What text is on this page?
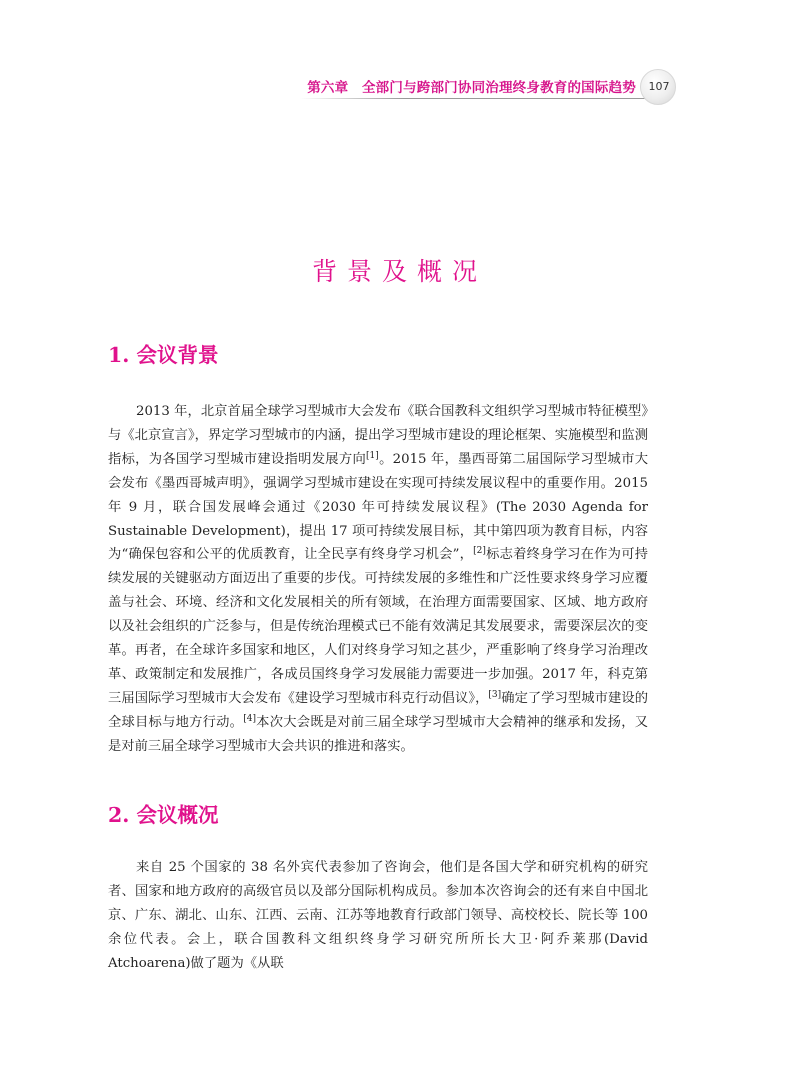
第六章　全部门与跨部门协同治理终身教育的国际趋势	107
背景及概况
1. 会议背景

2013 年，北京首届全球学习型城市大会发布《联合国教科文组织学习型城市特征模型》与《北京宣言》，界定学习型城市的内涵，提出学习型城市建设的理论框架、实施模型和监测指标，为各国学习型城市建设指明发展方向[1]。2015 年，墨西哥第二届国际学习型城市大会发布《墨西哥城声明》，强调学习型城市建设在实现可持续发展议程中的重要作用。2015 年 9 月，联合国发展峰会通过《2030 年可持续发展议程》(The 2030 Agenda for Sustainable Development)，提出 17 项可持续发展目标，其中第四项为教育目标，内容为“确保包容和公平的优质教育，让全民享有终身学习机会”，[2]标志着终身学习在作为可持续发展的关键驱动方面迈出了重要的步伐。可持续发展的多维性和广泛性要求终身学习应覆盖与社会、环境、经济和文化发展相关的所有领域，在治理方面需要国家、区域、地方政府以及社会组织的广泛参与，但是传统治理模式已不能有效满足其发展要求，需要深层次的变革。再者，在全球许多国家和地区，人们对终身学习知之甚少，严重影响了终身学习治理改革、政策制定和发展推广，各成员国终身学习发展能力需要进一步加强。2017 年，科克第三届国际学习型城市大会发布《建设学习型城市科克行动倡议》，[3]确定了学习型城市建设的全球目标与地方行动。[4]本次大会既是对前三届全球学习型城市大会精神的继承和发扬，又是对前三届全球学习型城市大会共识的推进和落实。

2. 会议概况

来自 25 个国家的 38 名外宾代表参加了咨询会，他们是各国大学和研究机构的研究者、国家和地方政府的高级官员以及部分国际机构成员。参加本次咨询会的还有来自中国北京、广东、湖北、山东、江西、云南、江苏等地教育行政部门领导、高校校长、院长等 100 余位代表。会上，联合国教科文组织终身学习研究所所长大卫·阿乔莱那(David Atchoarena)做了题为《从联
